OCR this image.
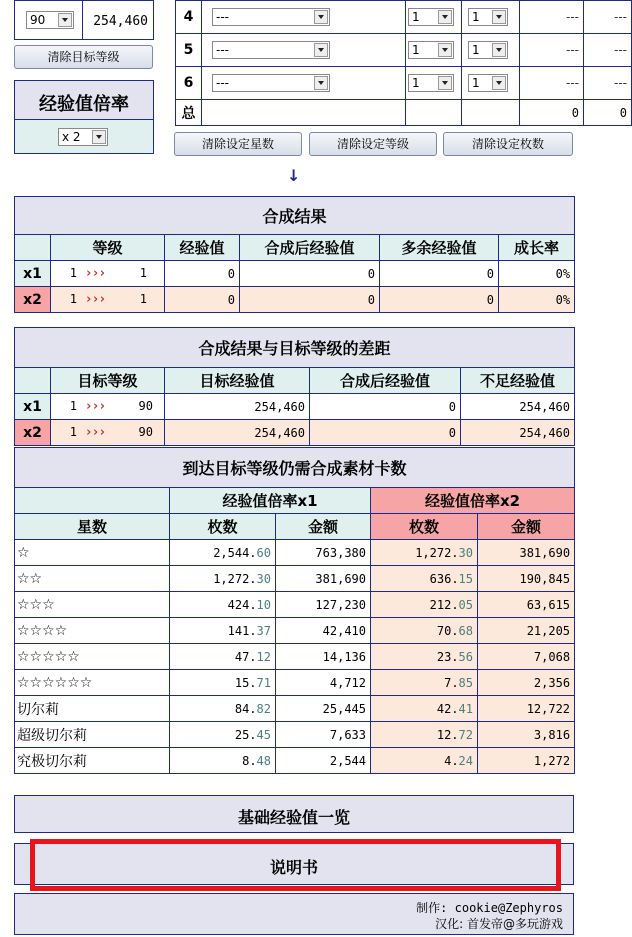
90	254,460
清除目标等级
经验值倍率
x 2
4	---	1	1	---	---
5	---	1	1	---	---
6	---	1	1	---	---
总				0	0
清除设定星数	清除设定等级	清除设定枚数
↓
合成结果					
	等级	经验值	合成后经验值	多余经验值	成长率
x1	1 ››› 1	0	0	0	0%
x2	1 ››› 1	0	0	0	0%
合成结果与目标等级的差距				
	目标等级	目标经验值	合成后经验值	不足经验值
x1	1 ››› 90	254,460	0	254,460
x2	1 ››› 90	254,460	0	254,460
到达目标等级仍需合成素材卡数				
	经验值倍率x1		经验值倍率x2	
星数	枚数	金额	枚数	金额
☆	2,544.60	763,380	1,272.30	381,690
☆☆	1,272.30	381,690	636.15	190,845
☆☆☆	424.10	127,230	212.05	63,615
☆☆☆☆	141.37	42,410	70.68	21,205
☆☆☆☆☆	47.12	14,136	23.56	7,068
☆☆☆☆☆☆	15.71	4,712	7.85	2,356
切尔莉	84.82	25,445	42.41	12,722
超级切尔莉	25.45	7,633	12.72	3,816
究极切尔莉	8.48	2,544	4.24	1,272
基础经验值一览
说明书
制作: cookie@Zephyros
汉化: 首发帝@多玩游戏
